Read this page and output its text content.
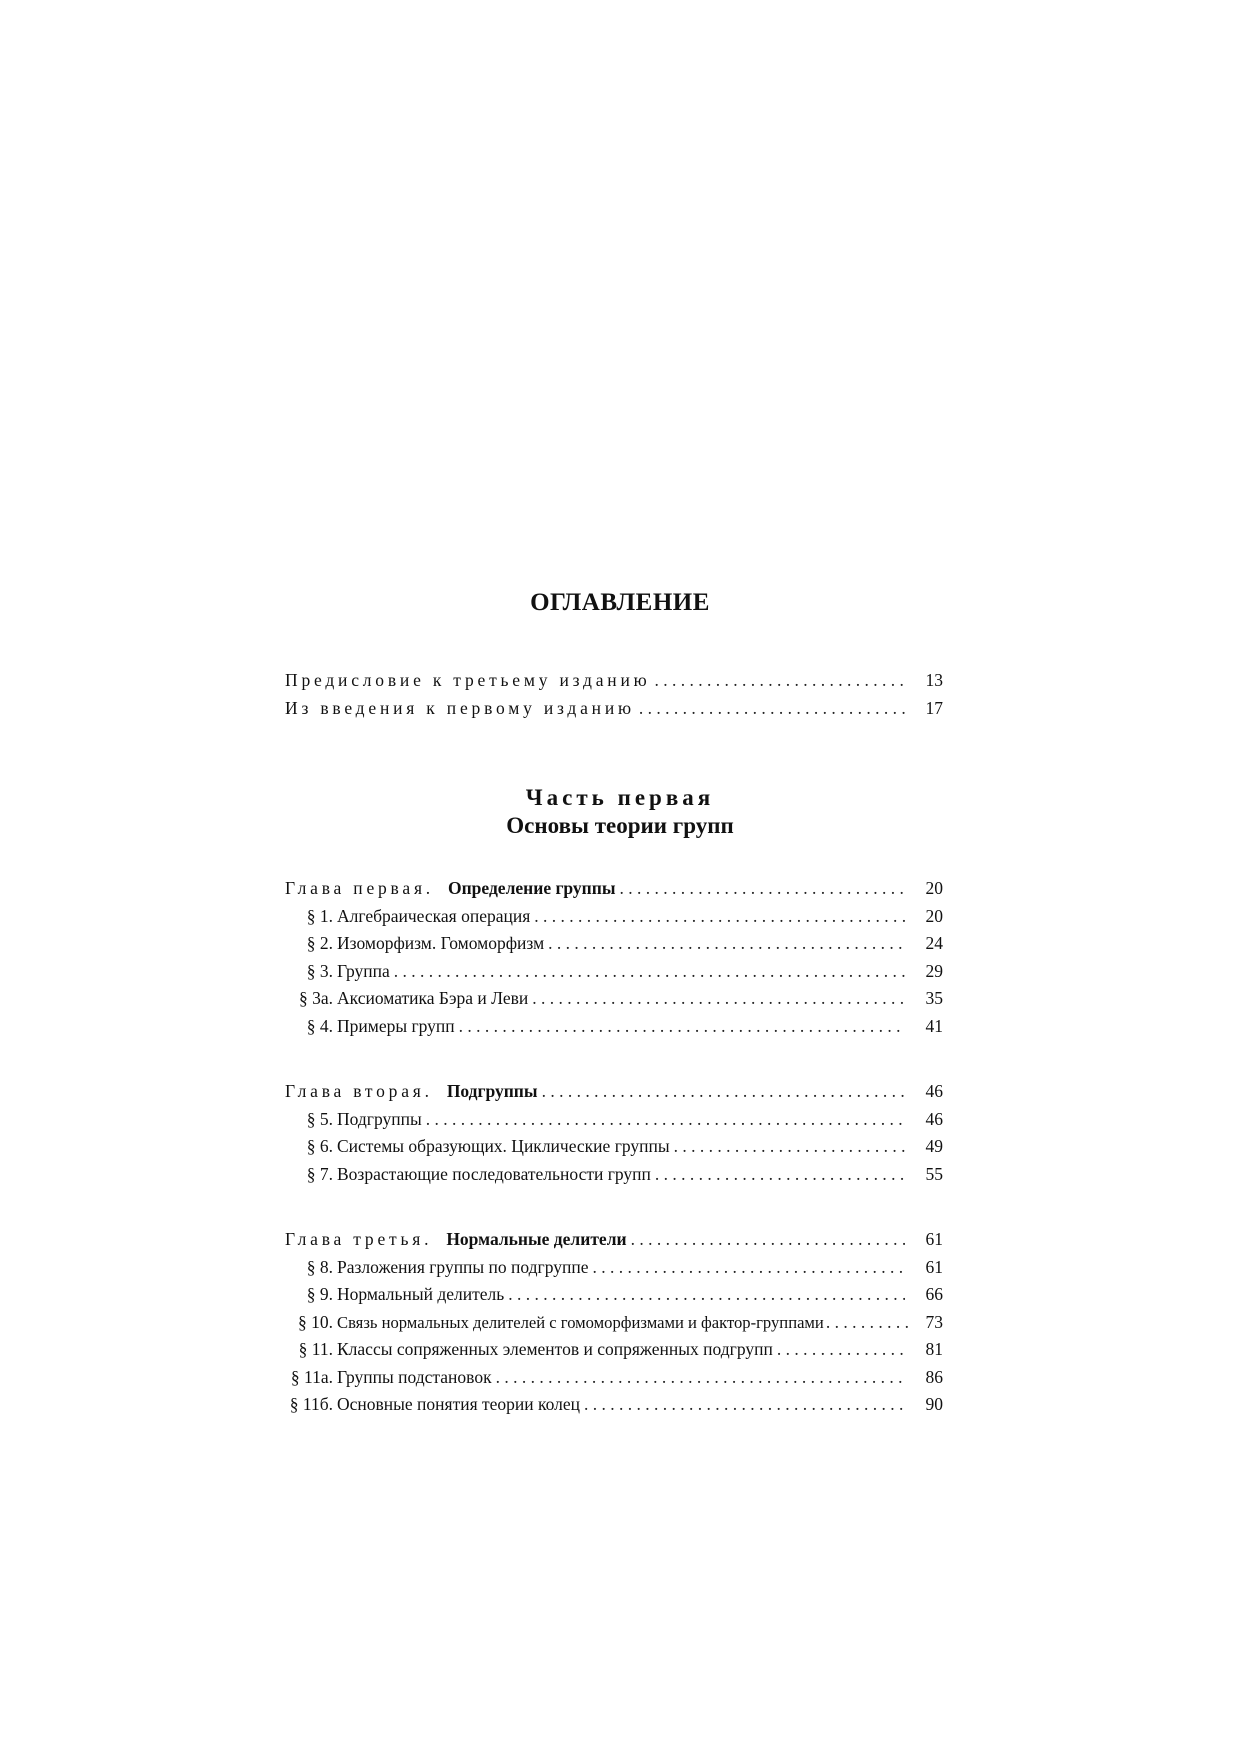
ОГЛАВЛЕНИЕ
Предисловие к третьему изданию . . .	13
Из введения к первому изданию . . .	17
Часть первая
Основы теории групп
Глава первая. Определение группы . . .	20
§ 1. Алгебраическая операция . . .	20
§ 2. Изоморфизм. Гомоморфизм . . .	24
§ 3. Группа . . .	29
§ 3а. Аксиоматика Бэра и Леви . . .	35
§ 4. Примеры групп . . .	41
Глава вторая. Подгруппы . . .	46
§ 5. Подгруппы . . .	46
§ 6. Системы образующих. Циклические группы . . .	49
§ 7. Возрастающие последовательности групп . . .	55
Глава третья. Нормальные делители . . .	61
§ 8. Разложения группы по подгруппе . . .	61
§ 9. Нормальный делитель . . .	66
§ 10. Связь нормальных делителей с гомоморфизмами и фактор-группами . . .	73
§ 11. Классы сопряженных элементов и сопряженных подгрупп . . .	81
§ 11а. Группы подстановок . . .	86
§ 11б. Основные понятия теории колец . . .	90
